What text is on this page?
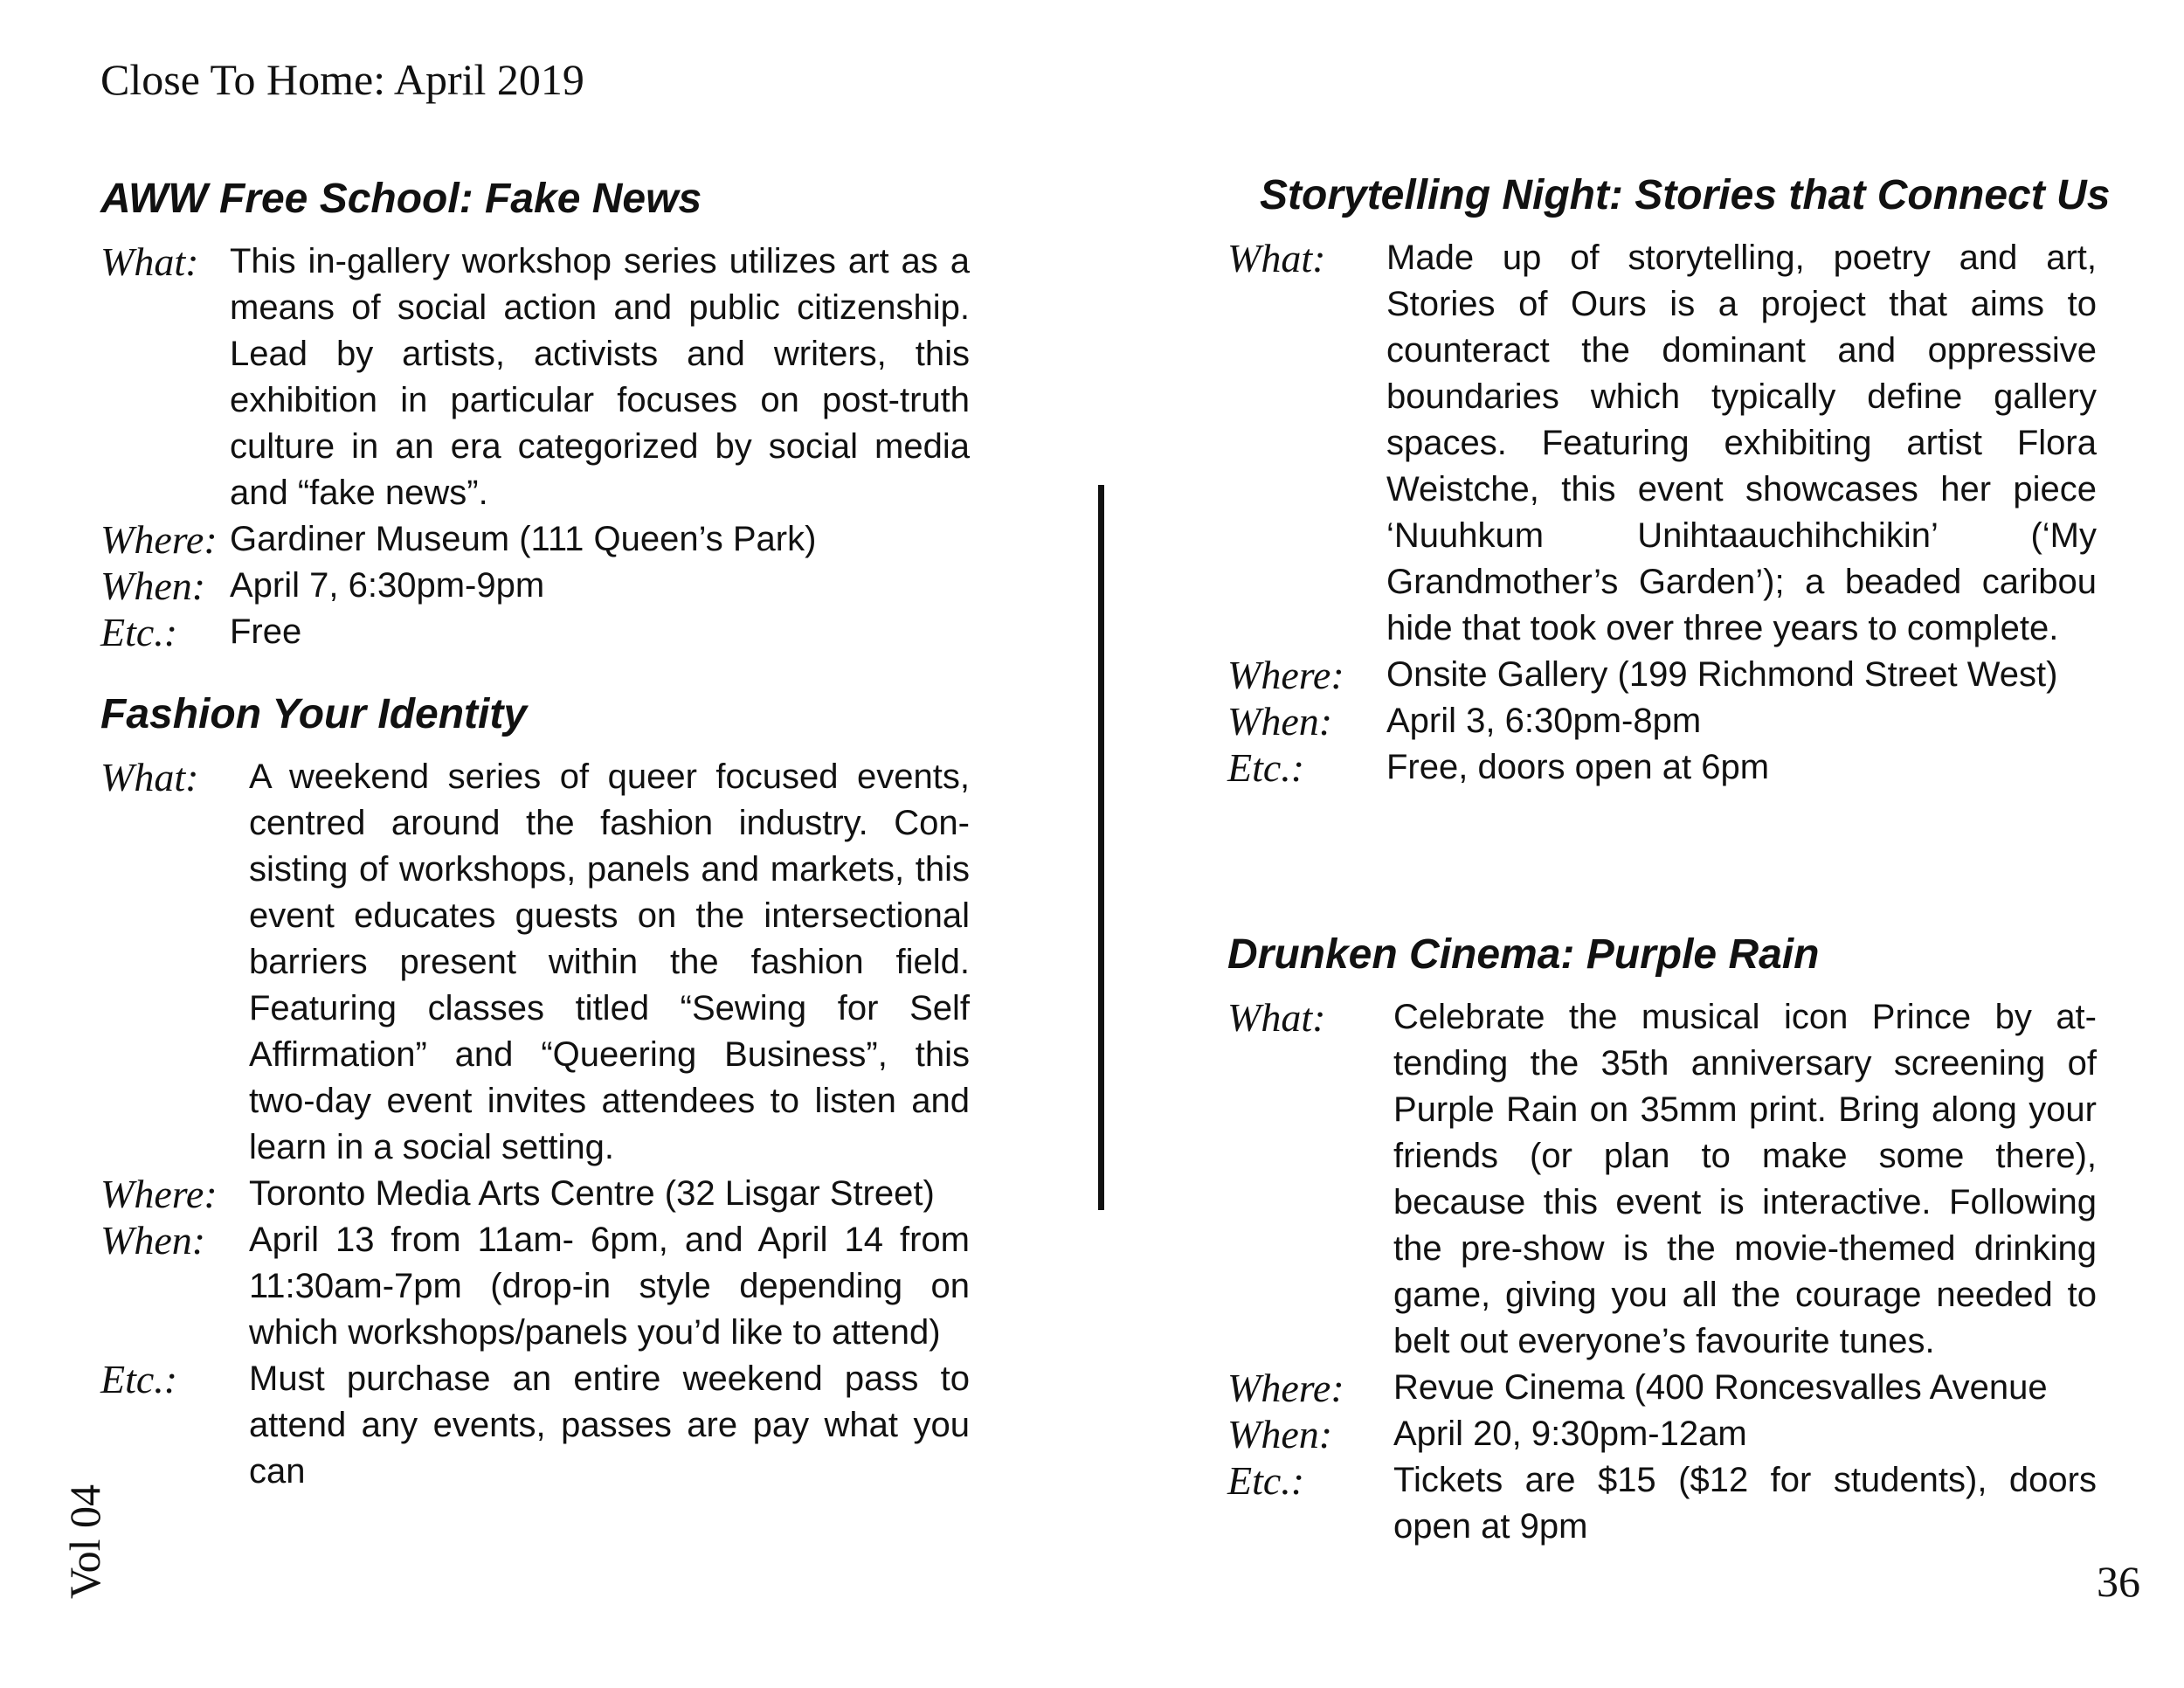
Close To Home: April 2019
AWW Free School: Fake News
What: This in-gallery workshop series utilizes art as a means of social action and public citizenship. Lead by artists, activists and writers, this exhibition in particular focuses on post-truth culture in an era categorized by social media and “fake news”.
Where: Gardiner Museum (111 Queen’s Park)
When: April 7, 6:30pm-9pm
Etc.:	Free
Fashion Your Identity
What:	A weekend series of queer focused events, centred around the fashion industry. Consisting of workshops, panels and markets, this event educates guests on the intersectional barriers present within the fashion field. Featuring classes titled “Sewing for Self Affirmation” and “Queering Business”, this two-day event invites attendees to listen and learn in a social setting.
Where: Toronto Media Arts Centre (32 Lisgar Street)
When:	April 13 from 11am- 6pm, and April 14 from 11:30am-7pm (drop-in style depending on which workshops/panels you’d like to attend)
Etc.:	Must purchase an entire weekend pass to attend any events, passes are pay what you can
Storytelling Night: Stories that Connect Us
What:	Made up of storytelling, poetry and art, Stories of Ours is a project that aims to counteract the dominant and oppressive boundaries which typically define gallery spaces. Featuring exhibiting artist Flora Weistche, this event showcases her piece ‘Nuuhkum Unihtaauchihchikin’ (‘My Grandmother’s Garden’); a beaded caribou hide that took over three years to complete.
Where:	Onsite Gallery (199 Richmond Street West)
When:	April 3, 6:30pm-8pm
Etc.:	Free, doors open at 6pm
Drunken Cinema: Purple Rain
What:	Celebrate the musical icon Prince by attending the 35th anniversary screening of Purple Rain on 35mm print. Bring along your friends (or plan to make some there), because this event is interactive. Following the pre-show is the movie-themed drinking game, giving you all the courage needed to belt out everyone’s favourite tunes.
Where:	Revue Cinema (400 Roncesvalles Avenue
When:	April 20, 9:30pm-12am
Etc.:	Tickets are $15 ($12 for students), doors open at 9pm
Vol 04	36
